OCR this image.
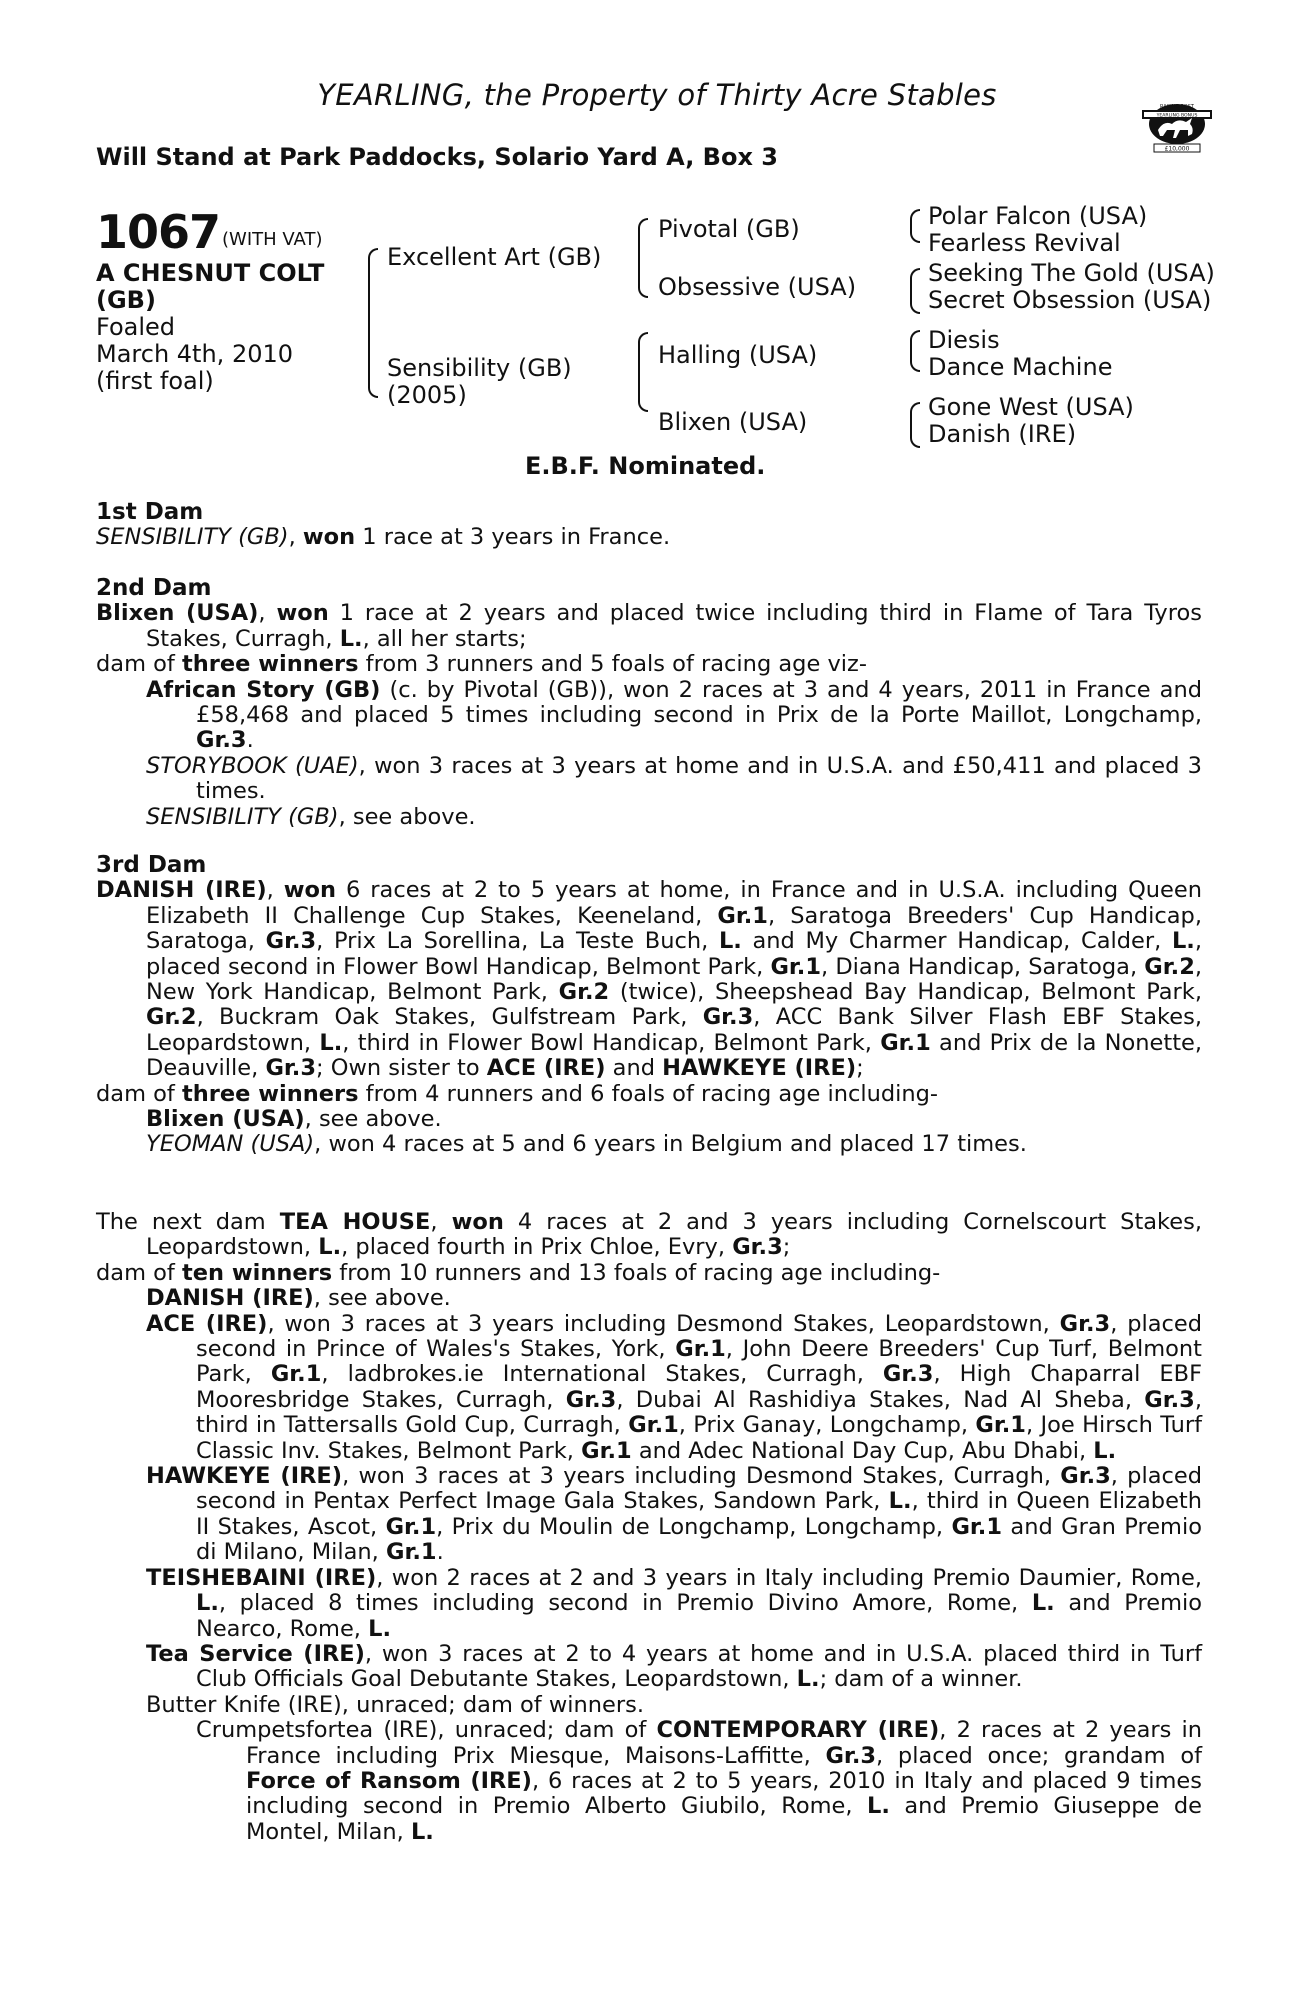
YEARLING, the Property of Thirty Acre Stables
Will Stand at Park Paddocks, Solario Yard A, Box 3
RACING POST
YEARLING BONUS
£10,000
1067 (WITH VAT)
A CHESNUT COLT
(GB)
Foaled
March 4th, 2010
(first foal)
Excellent Art (GB)
Sensibility (GB)
(2005)
Pivotal (GB)
Obsessive (USA)
Halling (USA)
Blixen (USA)
Polar Falcon (USA)
Fearless Revival
Seeking The Gold (USA)
Secret Obsession (USA)
Diesis
Dance Machine
Gone West (USA)
Danish (IRE)
E.B.F. Nominated.
1st Dam
SENSIBILITY (GB), won 1 race at 3 years in France.
2nd Dam
Blixen (USA), won 1 race at 2 years and placed twice including third in Flame of Tara Tyros Stakes, Curragh, L., all her starts;
dam of three winners from 3 runners and 5 foals of racing age viz-
African Story (GB) (c. by Pivotal (GB)), won 2 races at 3 and 4 years, 2011 in France and £58,468 and placed 5 times including second in Prix de la Porte Maillot, Longchamp, Gr.3.
STORYBOOK (UAE), won 3 races at 3 years at home and in U.S.A. and £50,411 and placed 3 times.
SENSIBILITY (GB), see above.
3rd Dam
DANISH (IRE), won 6 races at 2 to 5 years at home, in France and in U.S.A. including Queen Elizabeth II Challenge Cup Stakes, Keeneland, Gr.1, Saratoga Breeders' Cup Handicap, Saratoga, Gr.3, Prix La Sorellina, La Teste Buch, L. and My Charmer Handicap, Calder, L., placed second in Flower Bowl Handicap, Belmont Park, Gr.1, Diana Handicap, Saratoga, Gr.2, New York Handicap, Belmont Park, Gr.2 (twice), Sheepshead Bay Handicap, Belmont Park, Gr.2, Buckram Oak Stakes, Gulfstream Park, Gr.3, ACC Bank Silver Flash EBF Stakes, Leopardstown, L., third in Flower Bowl Handicap, Belmont Park, Gr.1 and Prix de la Nonette, Deauville, Gr.3; Own sister to ACE (IRE) and HAWKEYE (IRE);
dam of three winners from 4 runners and 6 foals of racing age including-
Blixen (USA), see above.
YEOMAN (USA), won 4 races at 5 and 6 years in Belgium and placed 17 times.
The next dam TEA HOUSE, won 4 races at 2 and 3 years including Cornelscourt Stakes, Leopardstown, L., placed fourth in Prix Chloe, Evry, Gr.3;
dam of ten winners from 10 runners and 13 foals of racing age including-
DANISH (IRE), see above.
ACE (IRE), won 3 races at 3 years including Desmond Stakes, Leopardstown, Gr.3, placed second in Prince of Wales's Stakes, York, Gr.1, John Deere Breeders' Cup Turf, Belmont Park, Gr.1, ladbrokes.ie International Stakes, Curragh, Gr.3, High Chaparral EBF Mooresbridge Stakes, Curragh, Gr.3, Dubai Al Rashidiya Stakes, Nad Al Sheba, Gr.3, third in Tattersalls Gold Cup, Curragh, Gr.1, Prix Ganay, Longchamp, Gr.1, Joe Hirsch Turf Classic Inv. Stakes, Belmont Park, Gr.1 and Adec National Day Cup, Abu Dhabi, L.
HAWKEYE (IRE), won 3 races at 3 years including Desmond Stakes, Curragh, Gr.3, placed second in Pentax Perfect Image Gala Stakes, Sandown Park, L., third in Queen Elizabeth II Stakes, Ascot, Gr.1, Prix du Moulin de Longchamp, Longchamp, Gr.1 and Gran Premio di Milano, Milan, Gr.1.
TEISHEBAINI (IRE), won 2 races at 2 and 3 years in Italy including Premio Daumier, Rome, L., placed 8 times including second in Premio Divino Amore, Rome, L. and Premio Nearco, Rome, L.
Tea Service (IRE), won 3 races at 2 to 4 years at home and in U.S.A. placed third in Turf Club Officials Goal Debutante Stakes, Leopardstown, L.; dam of a winner.
Butter Knife (IRE), unraced; dam of winners.
Crumpetsfortea (IRE), unraced; dam of CONTEMPORARY (IRE), 2 races at 2 years in France including Prix Miesque, Maisons-Laffitte, Gr.3, placed once; grandam of Force of Ransom (IRE), 6 races at 2 to 5 years, 2010 in Italy and placed 9 times including second in Premio Alberto Giubilo, Rome, L. and Premio Giuseppe de Montel, Milan, L.
